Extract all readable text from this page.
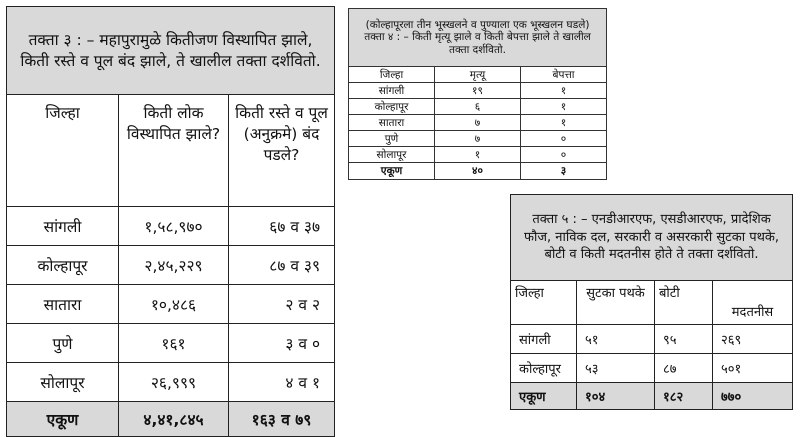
तक्ता ३ : – महापुरामुळे कितीजण विस्थापित झाले, किती रस्ते व पूल बंद झाले, ते खालील तक्ता दर्शवितो.		
जिल्हा	किती लोक विस्थापित झाले?	किती रस्ते व पूल (अनुक्रमे) बंद पडले?
सांगली	१,५८,९७०	६७ व ३७
कोल्हापूर	२,४५,२२९	८७ व ३९
सातारा	१०,४८६	२ व २
पुणे	१६१	३ व ०
सोलापूर	२६,९९९	४ व १
एकूण	४,४१,८४५	१६३ व ७९
(कोल्हापूरला तीन भूस्खलने व पुण्याला एक भूस्खलन घडले)
तक्ता ४ : – किती मृत्यू झाले व किती बेपत्ता झाले ते खालील तक्ता दर्शवितो.		

जिल्हा	मृत्यू	बेपत्ता
सांगली	१९	१
कोल्हापूर	६	१
सातारा	७	१
पुणे	७	०
सोलापूर	१	०
एकूण	४०	३
तक्ता ५ : – एनडीआरएफ, एसडीआरएफ, प्रादेशिक फौज, नाविक दल, सरकारी व असरकारी सुटका पथके, बोटी व किती मदतनीस होते ते तक्ता दर्शवितो.			
जिल्हा	सुटका पथके	बोटी	मदतनीस
सांगली	५१	९५	२६९
कोल्हापूर	५३	८७	५०१
एकूण	१०४	१८२	७७०
